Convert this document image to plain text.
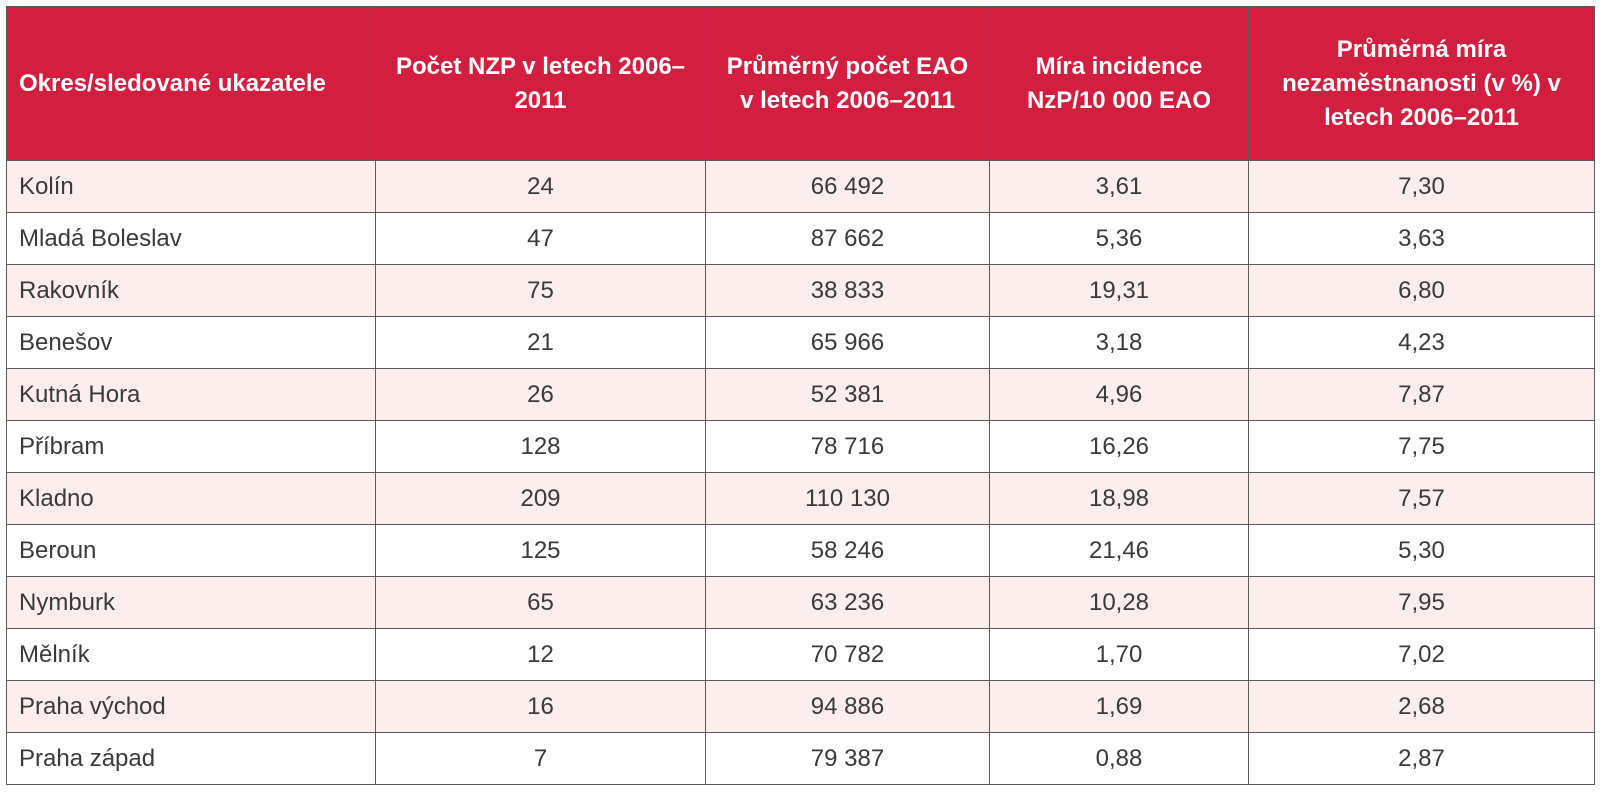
Okres/sledované ukazatele	Počet NZP v letech 2006–2011	Průměrný počet EAO v letech 2006–2011	Míra incidence NzP/10 000 EAO	Průměrná míra nezaměstnanosti (v %) v letech 2006–2011
Kolín	24	66 492	3,61	7,30
Mladá Boleslav	47	87 662	5,36	3,63
Rakovník	75	38 833	19,31	6,80
Benešov	21	65 966	3,18	4,23
Kutná Hora	26	52 381	4,96	7,87
Příbram	128	78 716	16,26	7,75
Kladno	209	110 130	18,98	7,57
Beroun	125	58 246	21,46	5,30
Nymburk	65	63 236	10,28	7,95
Mělník	12	70 782	1,70	7,02
Praha východ	16	94 886	1,69	2,68
Praha západ	7	79 387	0,88	2,87
